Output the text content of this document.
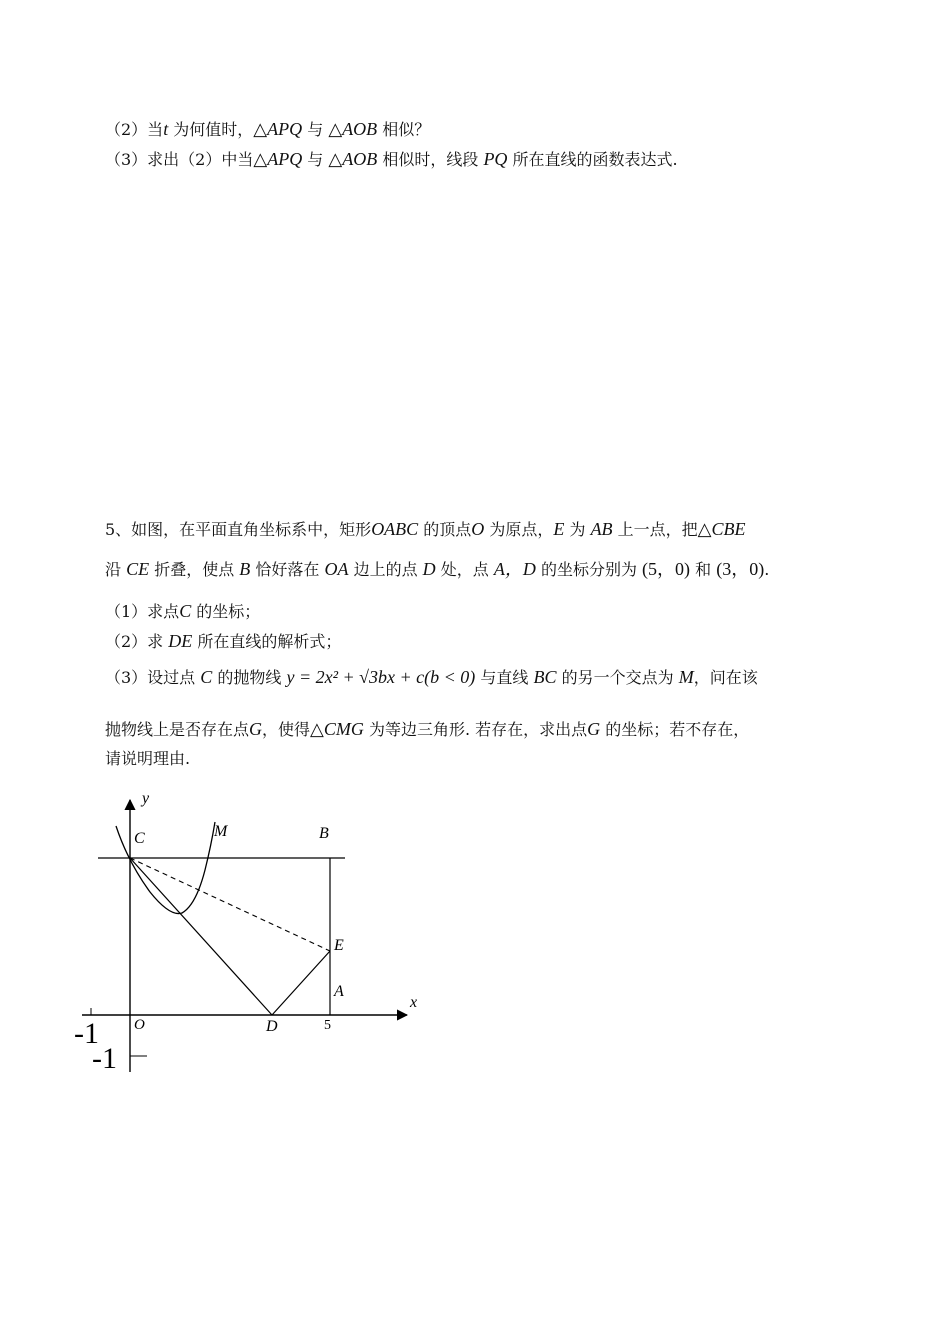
（2）当t 为何值时，△APQ 与 △AOB 相似？
（3）求出（2）中当△APQ 与 △AOB 相似时，线段 PQ 所在直线的函数表达式.
5、如图，在平面直角坐标系中，矩形OABC 的顶点O 为原点，E 为 AB 上一点，把△CBE
沿 CE 折叠，使点 B 恰好落在 OA 边上的点 D 处，点 A，D 的坐标分别为 (5，0) 和 (3，0).
（1）求点C 的坐标；
（2）求 DE 所在直线的解析式；
（3）设过点 C 的抛物线 y = 2x² + √3bx + c(b < 0) 与直线 BC 的另一个交点为 M，问在该
抛物线上是否存在点G，使得△CMG 为等边三角形. 若存在，求出点G 的坐标；若不存在，
请说明理由.
y
x
C	M	B
E
A
O	D	5
-1
-1
